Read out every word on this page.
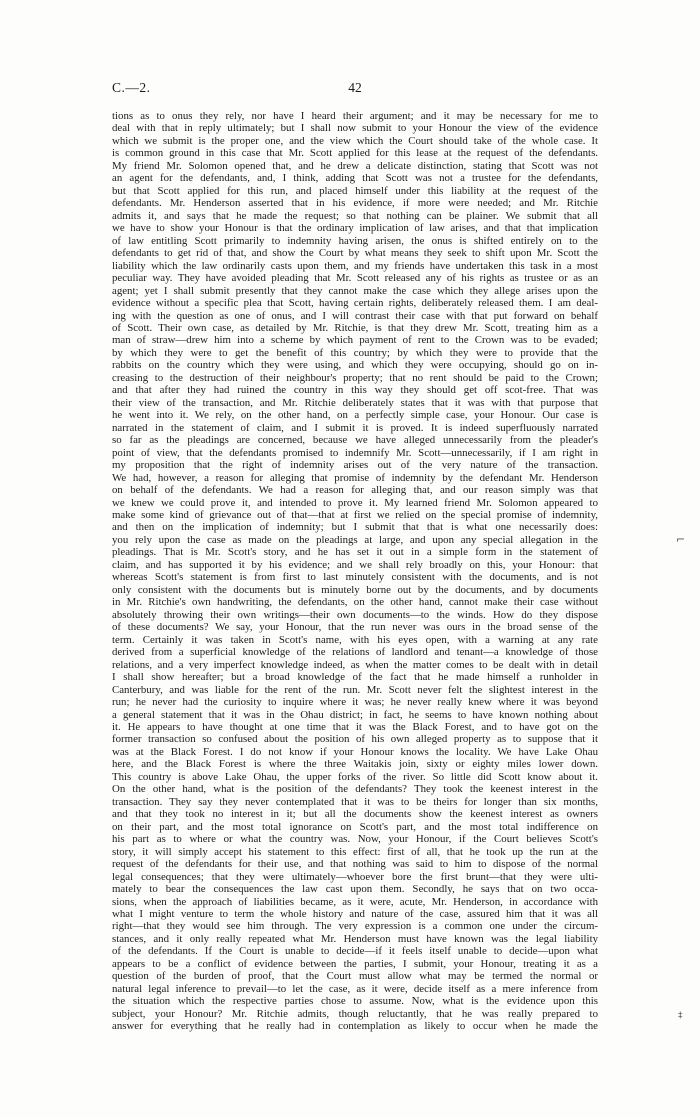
C.—2.	42
tions as to onus they rely, nor have I heard their argument; and it may be necessary for me to
deal with that in reply ultimately; but I shall now submit to your Honour the view of the evidence
which we submit is the proper one, and the view which the Court should take of the whole case. It
is common ground in this case that Mr. Scott applied for this lease at the request of the defendants.
My friend Mr. Solomon opened that, and he drew a delicate distinction, stating that Scott was not
an agent for the defendants, and, I think, adding that Scott was not a trustee for the defendants,
but that Scott applied for this run, and placed himself under this liability at the request of the
defendants. Mr. Henderson asserted that in his evidence, if more were needed; and Mr. Ritchie
admits it, and says that he made the request; so that nothing can be plainer. We submit that all
we have to show your Honour is that the ordinary implication of law arises, and that that implication
of law entitling Scott primarily to indemnity having arisen, the onus is shifted entirely on to the
defendants to get rid of that, and show the Court by what means they seek to shift upon Mr. Scott the
liability which the law ordinarily casts upon them, and my friends have undertaken this task in a most
peculiar way. They have avoided pleading that Mr. Scott released any of his rights as trustee or as an
agent; yet I shall submit presently that they cannot make the case which they allege arises upon the
evidence without a specific plea that Scott, having certain rights, deliberately released them. I am deal-
ing with the question as one of onus, and I will contrast their case with that put forward on behalf
of Scott. Their own case, as detailed by Mr. Ritchie, is that they drew Mr. Scott, treating him as a
man of straw—drew him into a scheme by which payment of rent to the Crown was to be evaded;
by which they were to get the benefit of this country; by which they were to provide that the
rabbits on the country which they were using, and which they were occupying, should go on in-
creasing to the destruction of their neighbour's property; that no rent should be paid to the Crown;
and that after they had ruined the country in this way they should get off scot-free. That was
their view of the transaction, and Mr. Ritchie deliberately states that it was with that purpose that
he went into it. We rely, on the other hand, on a perfectly simple case, your Honour. Our case is
narrated in the statement of claim, and I submit it is proved. It is indeed superfluously narrated
so far as the pleadings are concerned, because we have alleged unnecessarily from the pleader's
point of view, that the defendants promised to indemnify Mr. Scott—unnecessarily, if I am right in
my proposition that the right of indemnity arises out of the very nature of the transaction.
We had, however, a reason for alleging that promise of indemnity by the defendant Mr. Henderson
on behalf of the defendants. We had a reason for alleging that, and our reason simply was that
we knew we could prove it, and intended to prove it. My learned friend Mr. Solomon appeared to
make some kind of grievance out of that—that at first we relied on the special promise of indemnity,
and then on the implication of indemnity; but I submit that that is what one necessarily does:
you rely upon the case as made on the pleadings at large, and upon any special allegation in the
pleadings. That is Mr. Scott's story, and he has set it out in a simple form in the statement of
claim, and has supported it by his evidence; and we shall rely broadly on this, your Honour: that
whereas Scott's statement is from first to last minutely consistent with the documents, and is not
only consistent with the documents but is minutely borne out by the documents, and by documents
in Mr. Ritchie's own handwriting, the defendants, on the other hand, cannot make their case without
absolutely throwing their own writings—their own documents—to the winds. How do they dispose
of these documents? We say, your Honour, that the run never was ours in the broad sense of the
term. Certainly it was taken in Scott's name, with his eyes open, with a warning at any rate
derived from a superficial knowledge of the relations of landlord and tenant—a knowledge of those
relations, and a very imperfect knowledge indeed, as when the matter comes to be dealt with in detail
I shall show hereafter; but a broad knowledge of the fact that he made himself a runholder in
Canterbury, and was liable for the rent of the run. Mr. Scott never felt the slightest interest in the
run; he never had the curiosity to inquire where it was; he never really knew where it was beyond
a general statement that it was in the Ohau district; in fact, he seems to have known nothing about
it. He appears to have thought at one time that it was the Black Forest, and to have got on the
former transaction so confused about the position of his own alleged property as to suppose that it
was at the Black Forest. I do not know if your Honour knows the locality. We have Lake Ohau
here, and the Black Forest is where the three Waitakis join, sixty or eighty miles lower down.
This country is above Lake Ohau, the upper forks of the river. So little did Scott know about it.
On the other hand, what is the position of the defendants? They took the keenest interest in the
transaction. They say they never contemplated that it was to be theirs for longer than six months,
and that they took no interest in it; but all the documents show the keenest interest as owners
on their part, and the most total ignorance on Scott's part, and the most total indifference on
his part as to where or what the country was. Now, your Honour, if the Court believes Scott's
story, it will simply accept his statement to this effect: first of all, that he took up the run at the
request of the defendants for their use, and that nothing was said to him to dispose of the normal
legal consequences; that they were ultimately—whoever bore the first brunt—that they were ulti-
mately to bear the consequences the law cast upon them. Secondly, he says that on two occa-
sions, when the approach of liabilities became, as it were, acute, Mr. Henderson, in accordance with
what I might venture to term the whole history and nature of the case, assured him that it was all
right—that they would see him through. The very expression is a common one under the circum-
stances, and it only really repeated what Mr. Henderson must have known was the legal liability
of the defendants. If the Court is unable to decide—if it feels itself unable to decide—upon what
appears to be a conflict of evidence between the parties, I submit, your Honour, treating it as a
question of the burden of proof, that the Court must allow what may be termed the normal or
natural legal inference to prevail—to let the case, as it were, decide itself as a mere inference from
the situation which the respective parties chose to assume. Now, what is the evidence upon this
subject, your Honour? Mr. Ritchie admits, though reluctantly, that he was really prepared to
answer for everything that he really had in contemplation as likely to occur when he made the
⌐
‡
